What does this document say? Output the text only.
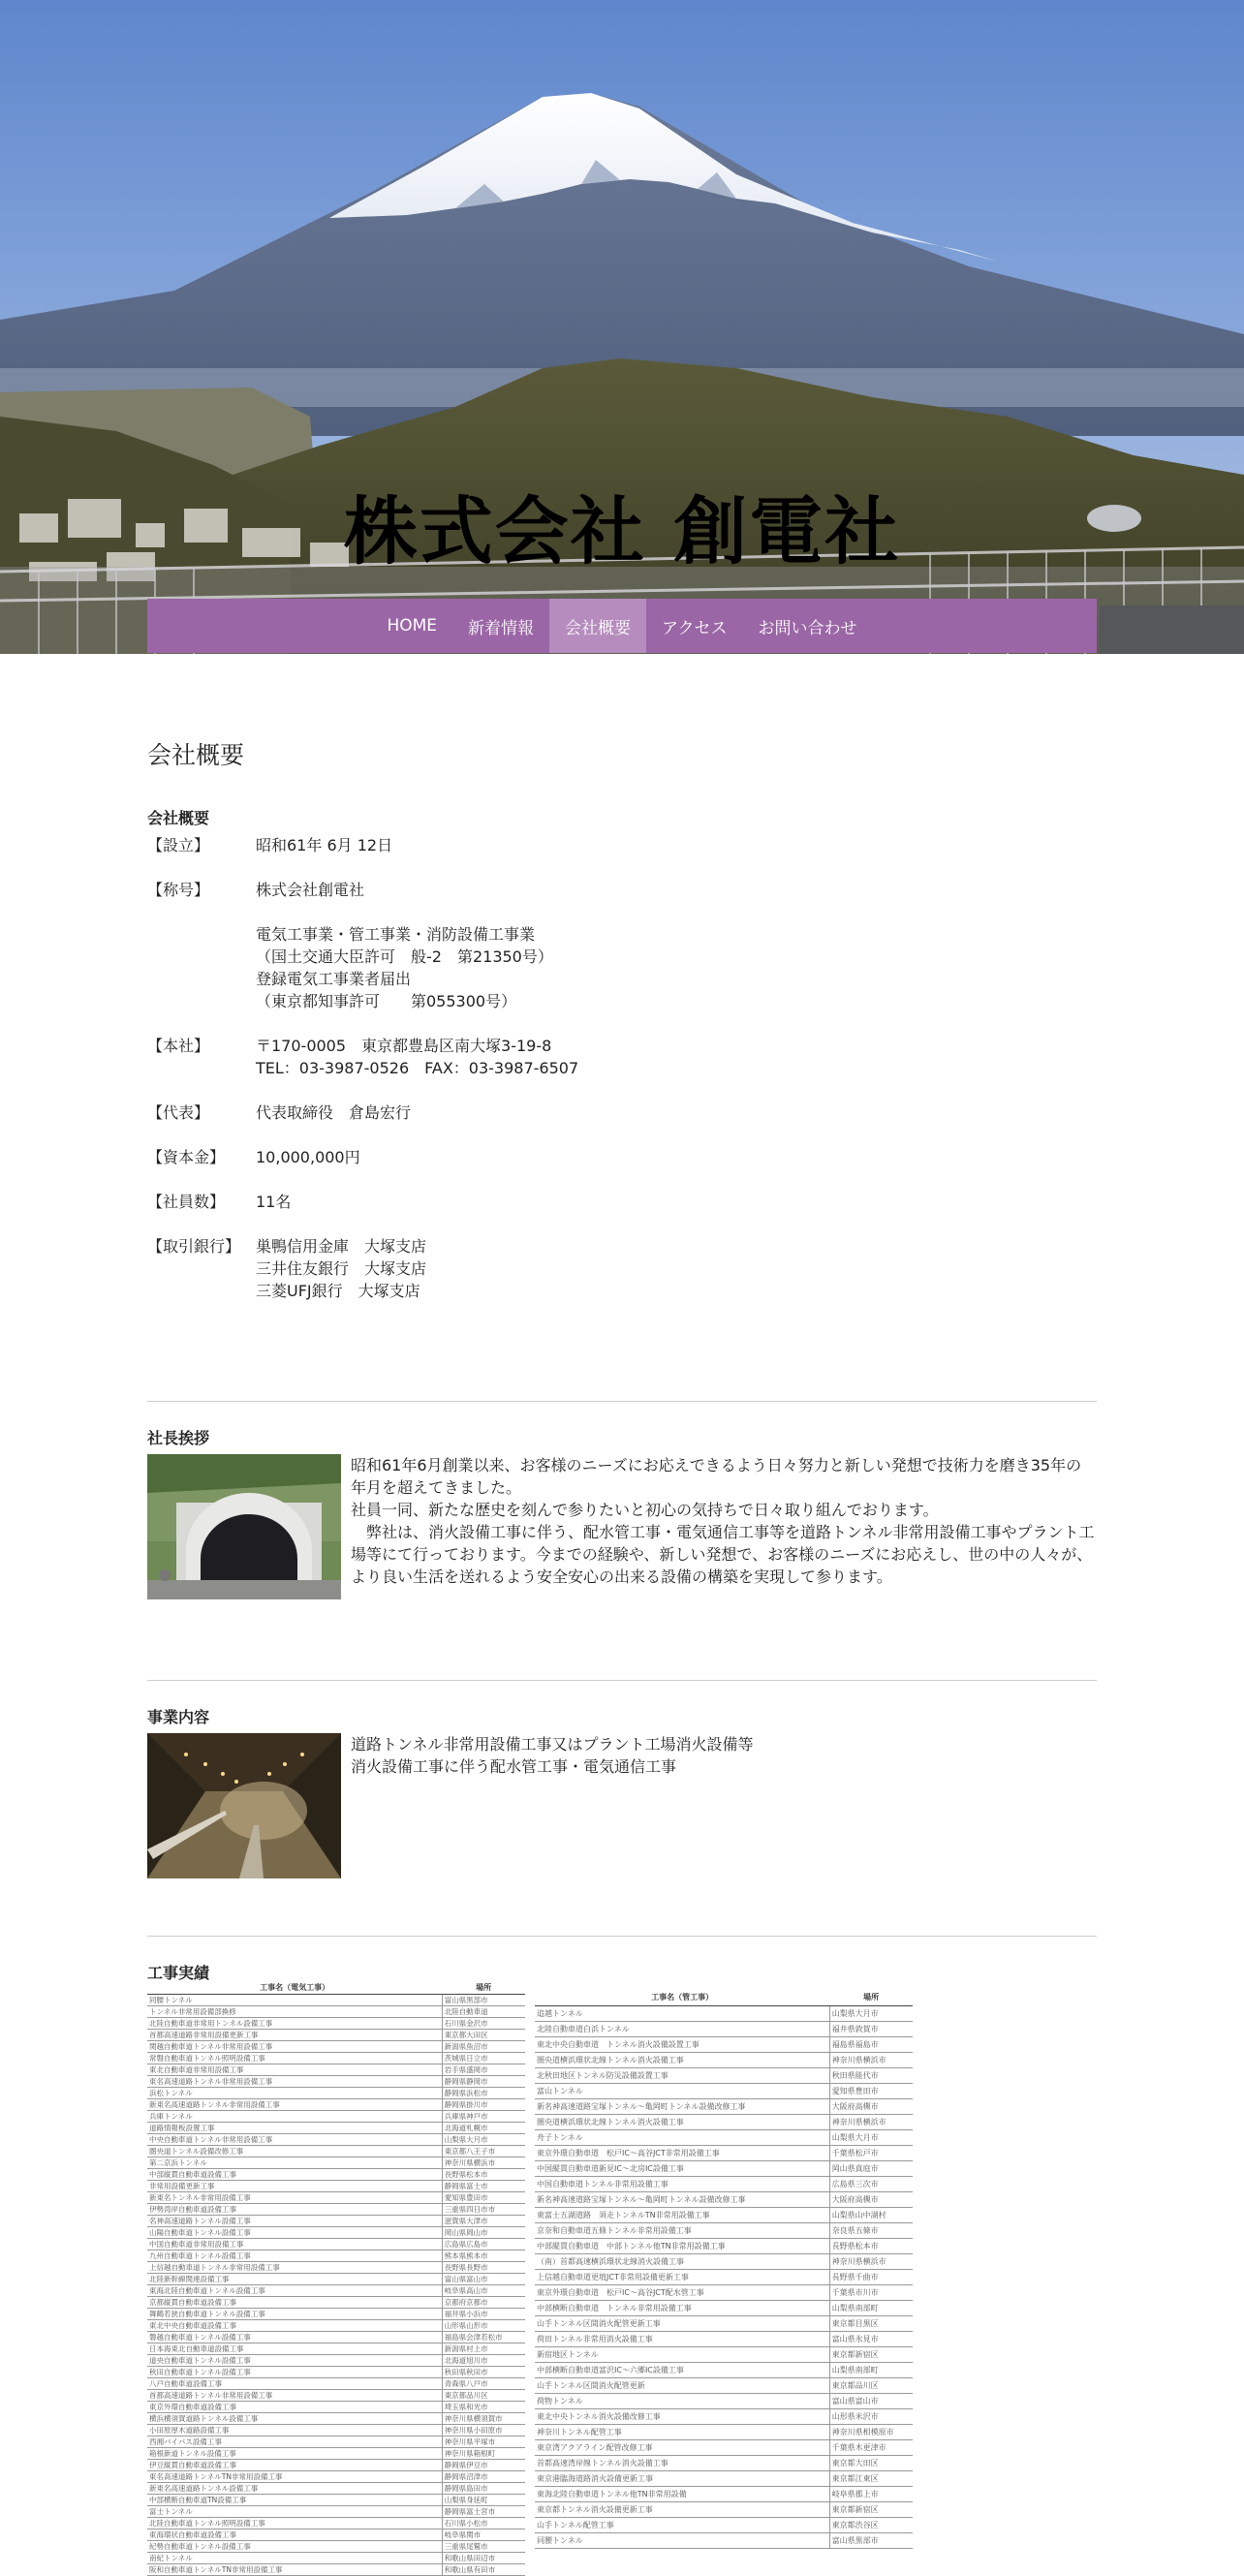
株式会社 創電社
HOME	新着情報	会社概要	アクセス	お問い合わせ
会社概要
会社概要
【設立】	昭和61年 6月 12日
【称号】	株式会社創電社
電気工事業・管工事業・消防設備工事業
（国土交通大臣許可　般-2　第21350号）
登録電気工事業者届出
（東京都知事許可　　第055300号）
【本社】	〒170-0005　東京都豊島区南大塚3-19-8
TEL：03-3987-0526　FAX：03-3987-6507
【代表】	代表取締役　倉島宏行
【資本金】	10,000,000円
【社員数】	11名
【取引銀行】 巣鴨信用金庫　大塚支店
三井住友銀行　大塚支店
三菱UFJ銀行　大塚支店
社長挨拶

昭和61年6月創業以来、お客様のニーズにお応えできるよう日々努力と新しい発想で技術力を磨き35年の年月を超えてきました。

社員一同、新たな歴史を刻んで参りたいと初心の気持ちで日々取り組んでおります。

　弊社は、消火設備工事に伴う、配水管工事・電気通信工事等を道路トンネル非常用設備工事やプラント工場等にて行っております。今までの経験や、新しい発想で、お客様のニーズにお応えし、世の中の人々が、より良い生活を送れるよう安全安心の出来る設備の構築を実現して参ります。

事業内容

道路トンネル非常用設備工事又はプラント工場消火設備等

消火設備工事に伴う配水管工事・電気通信工事

工事実績
工事名（電気工事）	場所
同腰トンネル	富山県黒部市
トンネル非常用設備部換修	北陸自動車道
北陸自動車道非常用トンネル設備工事	石川県金沢市
首都高速道路非常用設備更新工事	東京都大田区
関越自動車道トンネル非常用設備工事	新潟県魚沼市
常磐自動車道トンネル照明設備工事	茨城県日立市
東北自動車道非常用設備工事	岩手県盛岡市
東名高速道路トンネル非常用設備工事	静岡県静岡市
浜松トンネル	静岡県浜松市
新東名高速道路トンネル非常用設備工事	静岡県掛川市
兵庫トンネル	兵庫県神戸市
道路情報板設置工事	北海道札幌市
中央自動車道トンネル非常用設備工事	山梨県大月市
圏央道トンネル設備改修工事	東京都八王子市
第二京浜トンネル	神奈川県横浜市
中部縦貫自動車道設備工事	長野県松本市
非常用設備更新工事	静岡県富士市
新東名トンネル非常用設備工事	愛知県豊田市
伊勢湾岸自動車道設備工事	三重県四日市市
名神高速道路トンネル設備工事	滋賀県大津市
山陽自動車道トンネル設備工事	岡山県岡山市
中国自動車道非常用設備工事	広島県広島市
九州自動車道トンネル設備工事	熊本県熊本市
上信越自動車道トンネル非常用設備工事	長野県長野市
北陸新幹線関連設備工事	富山県富山市
東海北陸自動車道トンネル設備工事	岐阜県高山市
京都縦貫自動車道設備工事	京都府京都市
舞鶴若狭自動車道トンネル設備工事	福井県小浜市
東北中央自動車道設備工事	山形県山形市
磐越自動車道トンネル設備工事	福島県会津若松市
日本海東北自動車道設備工事	新潟県村上市
道央自動車道トンネル設備工事	北海道旭川市
秋田自動車道トンネル設備工事	秋田県秋田市
八戸自動車道設備工事	青森県八戸市
首都高速道路トンネル非常用設備工事	東京都品川区
東京外環自動車道設備工事	埼玉県和光市
横浜横須賀道路トンネル設備工事	神奈川県横須賀市
小田原厚木道路設備工事	神奈川県小田原市
西湘バイパス設備工事	神奈川県平塚市
箱根新道トンネル設備工事	神奈川県箱根町
伊豆縦貫自動車道設備工事	静岡県伊豆市
東名高速道路トンネルTN非常用設備工事	静岡県沼津市
新東名高速道路トンネル設備工事	静岡県島田市
中部横断自動車道TN設備工事	山梨県身延町
富士トンネル	静岡県富士宮市
北陸自動車道トンネル照明設備工事	石川県小松市
東海環状自動車道設備工事	岐阜県関市
紀勢自動車道トンネル設備工事	三重県尾鷲市
南紀トンネル	和歌山県田辺市
阪和自動車道トンネルTN非常用設備工事	和歌山県有田市
工事名（管工事）	場所
追越トンネル	山梨県大月市
北陸自動車道白浜トンネル	福井県敦賀市
東北中央自動車道　トンネル消火設備設置工事	福島県福島市
圏央道横浜環状北線トンネル消火設備工事	神奈川県横浜市
北秋田地区トンネル防災設備設置工事	秋田県能代市
富山トンネル	愛知県豊田市
新名神高速道路宝塚トンネル〜亀岡町トンネル設備改修工事	大阪府高槻市
圏央道横浜環状北線トンネル消火設備工事	神奈川県横浜市
舟子トンネル	山梨県大月市
東京外環自動車道　松戸IC〜高谷JCT非常用設備工事	千葉県松戸市
中国縦貫自動車道新見IC〜北房IC設備工事	岡山県真庭市
中国自動車道トンネル非常用設備工事	広島県三次市
新名神高速道路宝塚トンネル〜亀岡町トンネル設備改修工事	大阪府高槻市
東富士五湖道路　須走トンネルTN非常用設備工事	山梨県山中湖村
京奈和自動車道五條トンネル非常用設備工事	奈良県五條市
中部縦貫自動車道　中部トンネル他TN非常用設備工事	長野県松本市
（南）首都高速横浜環状北線消火設備工事	神奈川県横浜市
上信越自動車道更埴JCT非常用設備更新工事	長野県千曲市
東京外環自動車道　松戸IC〜高谷JCT配水管工事	千葉県市川市
中部横断自動車道　トンネル非常用設備工事	山梨県南部町
山手トンネル区間消火配管更新工事	東京都目黒区
荷田トンネル非常用消火設備工事	富山県氷見市
新宿地区トンネル	東京都新宿区
中部横断自動車道富沢IC〜六郷IC設備工事	山梨県南部町
山手トンネル区間消火配管更新	東京都品川区
荷物トンネル	富山県富山市
東北中央トンネル消火設備改修工事	山形県米沢市
神奈川トンネル配管工事	神奈川県相模原市
東京湾アクアライン配管改修工事	千葉県木更津市
首都高速湾岸線トンネル消火設備工事	東京都大田区
東京港臨海道路消火設備更新工事	東京都江東区
東海北陸自動車道トンネル他TN非常用設備	岐阜県郡上市
東京都トンネル消火設備更新工事	東京都新宿区
山手トンネル配管工事	東京都渋谷区
同腰トンネル	富山県黒部市
